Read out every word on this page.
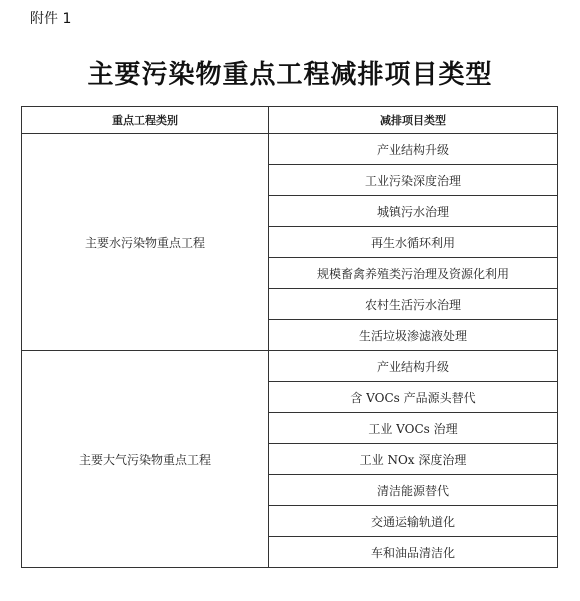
附件 1
主要污染物重点工程减排项目类型
重点工程类别	减排项目类型
主要水污染物重点工程	产业结构升级
	工业污染深度治理
	城镇污水治理
	再生水循环利用
	规模畜禽养殖类污治理及资源化利用
	农村生活污水治理
	生活垃圾渗滤液处理
主要大气污染物重点工程	产业结构升级
	含 VOCs 产品源头替代
	工业 VOCs 治理
	工业 NOx 深度治理
	清洁能源替代
	交通运输轨道化
	车和油品清洁化
